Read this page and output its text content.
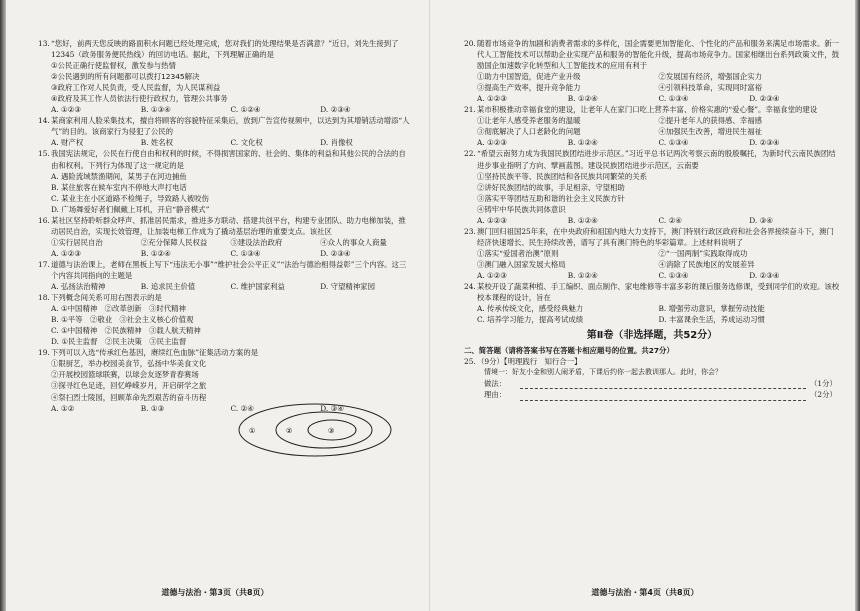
13.“您好，前两天您反映的路面积水问题已经处理完成，您对我们的处理结果是否满意？”近日，刘先生接到了12345（政务服务便民热线）的回访电话。据此，下列理解正确的是
①公民正确行使监督权，激发参与热情
②公民遇到的所有问题都可以拨打12345解决
③政府工作对人民负责，受人民监督，为人民谋利益
④政府及其工作人员依法行使行政权力，管理公共事务
A. ①②③	B. ①③④	C. ①②④	D. ②③④
14.某商家利用人脸采集技术，擅自将顾客的容貌特征采集后，放到广告宣传视频中，以达到为其增销活动增添“人气”的目的。该商家行为侵犯了公民的
A. 财产权	B. 姓名权	C. 文化权	D. 肖像权
15.我国宪法规定，公民在行使自由和权利的时候，不得损害国家的、社会的、集体的利益和其他公民的合法的自由和权利。下列行为体现了这一规定的是
A. 遇险流域禁渔期间，某男子在河边捕鱼
B. 某住旅客在候车室内不停地大声打电话
C. 某业主在小区道路不检绳子，导致路人被咬伤
D. 广场舞爱好者们佩戴上耳机，开启“静音模式”
16.某社区坚持聆听群众呼声、抓准居民需求，推进多方联动、搭建共创平台，构建专业团队、助力电梯加装，推动居民自治，实现长效管理，让加装电梯工作成为了撬动基层治理的重要支点。该社区
①实行居民自治	②充分保障人民权益	③建设法治政府	④众人的事众人商量
A. ①②③	B. ①②④	C. ①③④	D. ②③④
17.道德与法治课上，老师在黑板上写下“违法无小事”“维护社会公平正义”“法治与德治相得益彰”三个内容。这三个内容共同指向的主题是
A. 弘扬法治精神	B. 追求民主价值	C. 维护国家利益	D. 守望精神家园
18.下列概念间关系可用右图表示的是
A. ①中国精神　②改革创新　③时代精神
B. ①平等　②敬业　③社会主义核心价值观
C. ①中国精神　②民族精神　③载人航天精神
D. ①民主监督　②民主决策　③民主监督
19.下列可以入选“传承红色基因，赓续红色血脉”征集活动方案的是
①限厨艺，举办校园美食节，弘扬中华美食文化
②开展校园篮球联赛，以球会友逐梦青春赛场
③探寻红色足迹，回忆峥嵘岁月，开启研学之旅
④祭扫烈士陵园，回顾革命先烈艰苦的奋斗历程
A. ①②	B. ①③	C. ②④	D. ③④
①	②	③
道德与法治・第3页（共8页）
20.随着市场竞争的加剧和消费者需求的多样化，国企需要更加智能化、个性化的产品和服务来满足市场需求。新一代人工智能技术可以帮助企业实现产品和服务的智能化升级，提高市场竞争力。国家相继出台系列政策文件，鼓励国企加速数字化转型和人工智能技术的应用有利于
①助力中国智造，促进产业升级	②发展国有经济，增强国企实力
③提高生产效率，提升竞争能力	④引领科技革命，实现同时富裕
A. ①②③	B. ①②④	C. ①③④	D. ②③④
21.某市积极推动幸福食堂的建设，让老年人在家门口吃上营养丰富、价格实惠的“爱心餐”。幸福食堂的建设
①让老年人感受养老服务的温暖	②提升老年人的获得感、幸福感
③彻底解决了人口老龄化的问题	④加强民生改善，增进民生福祉
A. ①②③	B. ①②④	C. ①③④	D. ②③④
22.“希望云南努力成为我国民族团结进步示范区。”习近平总书记两次考察云南的殷殷嘱托，为新时代云南民族团结进步事业指明了方向、擘画蓝图。建设民族团结进步示范区，云南要
①坚持民族平等、民族团结和各民族共同繁荣的关系
②讲好民族团结的故事，手足相亲、守望相助
③落实平等团结互助和谐的社会主义民族方针
④铸牢中华民族共同体意识
A. ①②③	B. ①②④	C. ②④	D. ③④
23.澳门回归祖国25年来，在中央政府和祖国内地大力支持下，澳门特别行政区政府和社会各界接续奋斗下，澳门经济快速增长、民生持续改善，谱写了具有澳门特色的华彩篇章。上述材料说明了
①落实“爱国者治澳”原则	②“一国两制”实践取得成功
③澳门融入国家发展大格局	④消除了民族地区的发展差异
A. ①②③	B. ①②④	C. ①③④	D. ②③④
24.某校开设了蔬菜种植、手工编织、面点制作、家电维修等丰富多彩的课后服务选修课，受到同学们的欢迎。该校校本课程的设计，旨在
A. 传承传统文化，感受经典魅力	B. 增强劳动意识，掌握劳动技能
C. 培养学习能力，提高考试成绩	D. 丰富课余生活，养成运动习惯
第Ⅱ卷（非选择题，共52分）
二、简答题（请将答案书写在答题卡相应题号的位置。共27分）
25.（9分）【明理践行　知行合一】
情境一：好友小金和别人闹矛盾，下课后约你一起去教训那人。此时，你会？
做法：	（1分）
理由：	（2分）
道德与法治・第4页（共8页）
